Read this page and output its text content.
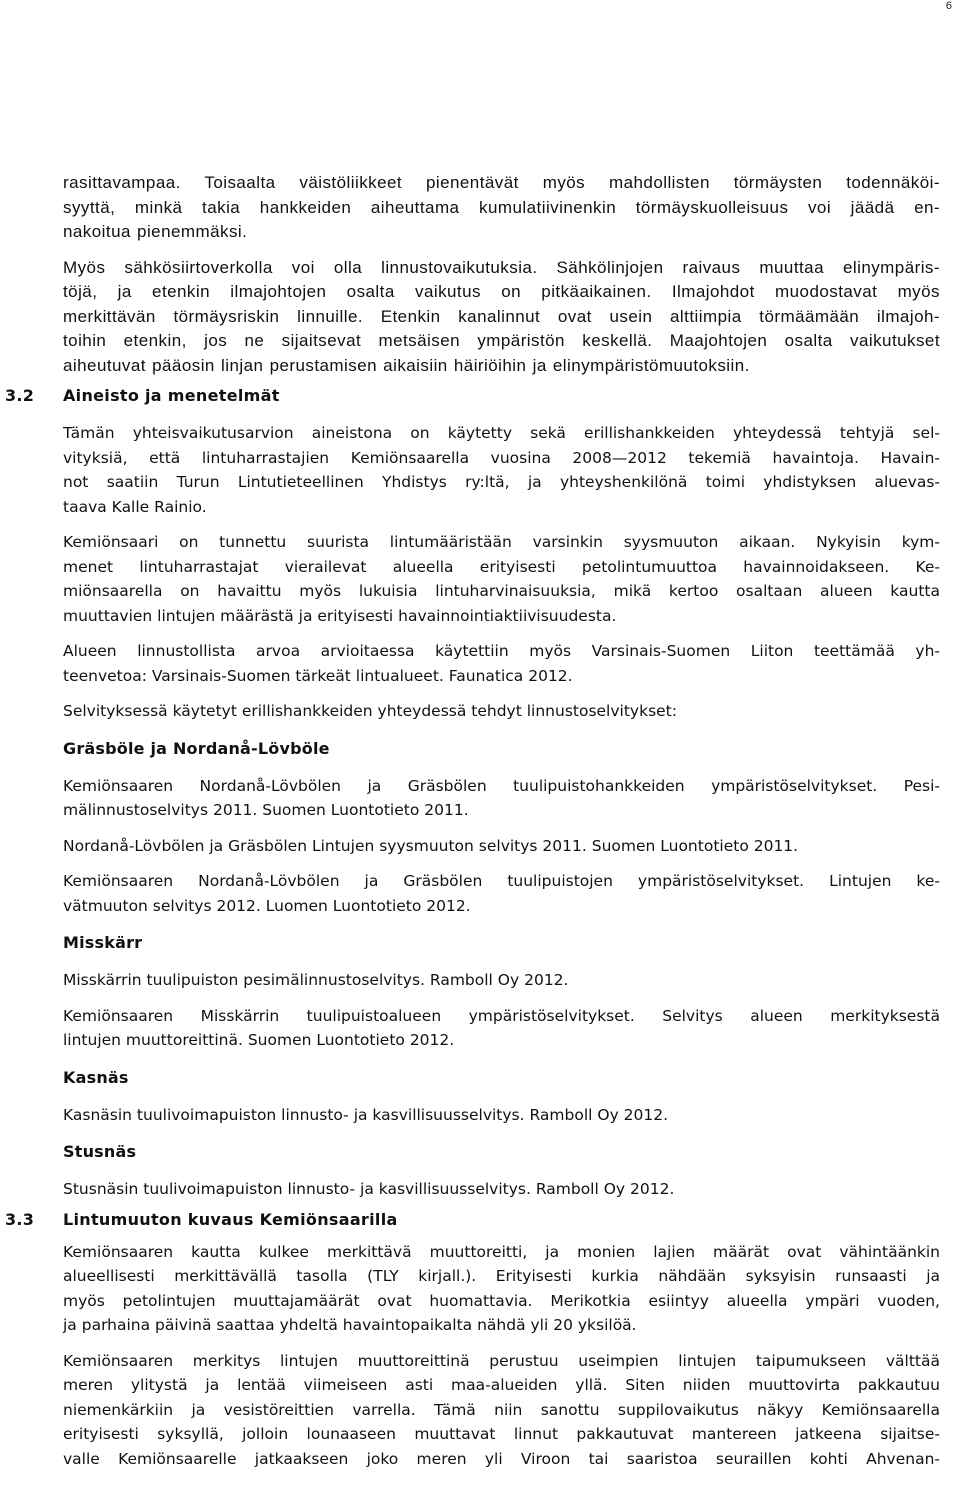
6
rasittavampaa. Toisaalta väistöliikkeet pienentävät myös mahdollisten törmäysten todennäköi-
syyttä, minkä takia hankkeiden aiheuttama kumulatiivinenkin törmäyskuolleisuus voi jäädä en-
nakoitua pienemmäksi.
Myös sähkösiirtoverkolla voi olla linnustovaikutuksia. Sähkölinjojen raivaus muuttaa elinympäris-
töjä, ja etenkin ilmajohtojen osalta vaikutus on pitkäaikainen. Ilmajohdot muodostavat myös
merkittävän törmäysriskin linnuille. Etenkin kanalinnut ovat usein alttiimpia törmäämään ilmajoh-
toihin etenkin, jos ne sijaitsevat metsäisen ympäristön keskellä. Maajohtojen osalta vaikutukset
aiheutuvat pääosin linjan perustamisen aikaisiin häiriöihin ja elinympäristömuutoksiin.
3.2 Aineisto ja menetelmät
Tämän yhteisvaikutusarvion aineistona on käytetty sekä erillishankkeiden yhteydessä tehtyjä sel-
vityksiä, että lintuharrastajien Kemiönsaarella vuosina 2008—2012 tekemiä havaintoja. Havain-
not saatiin Turun Lintutieteellinen Yhdistys ry:ltä, ja yhteyshenkilönä toimi yhdistyksen aluevas-
taava Kalle Rainio.
Kemiönsaari on tunnettu suurista lintumääristään varsinkin syysmuuton aikaan. Nykyisin kym-
menet lintuharrastajat vierailevat alueella erityisesti petolintumuuttoa havainnoidakseen. Ke-
miönsaarella on havaittu myös lukuisia lintuharvinaisuuksia, mikä kertoo osaltaan alueen kautta
muuttavien lintujen määrästä ja erityisesti havainnointiaktiivisuudesta.
Alueen linnustollista arvoa arvioitaessa käytettiin myös Varsinais-Suomen Liiton teettämää yh-
teenvetoa: Varsinais-Suomen tärkeät lintualueet. Faunatica 2012.
Selvityksessä käytetyt erillishankkeiden yhteydessä tehdyt linnustoselvitykset:
Gräsböle ja Nordanå-Lövböle
Kemiönsaaren Nordanå-Lövbölen ja Gräsbölen tuulipuistohankkeiden ympäristöselvitykset. Pesi-
mälinnustoselvitys 2011. Suomen Luontotieto 2011.
Nordanå-Lövbölen ja Gräsbölen Lintujen syysmuuton selvitys 2011. Suomen Luontotieto 2011.
Kemiönsaaren Nordanå-Lövbölen ja Gräsbölen tuulipuistojen ympäristöselvitykset. Lintujen ke-
vätmuuton selvitys 2012. Luomen Luontotieto 2012.
Misskärr
Misskärrin tuulipuiston pesimälinnustoselvitys. Ramboll Oy 2012.
Kemiönsaaren Misskärrin tuulipuistoalueen ympäristöselvitykset. Selvitys alueen merkityksestä
lintujen muuttoreittinä. Suomen Luontotieto 2012.
Kasnäs
Kasnäsin tuulivoimapuiston linnusto- ja kasvillisuusselvitys. Ramboll Oy 2012.
Stusnäs
Stusnäsin tuulivoimapuiston linnusto- ja kasvillisuusselvitys. Ramboll Oy 2012.
3.3 Lintumuuton kuvaus Kemiönsaarilla
Kemiönsaaren kautta kulkee merkittävä muuttoreitti, ja monien lajien määrät ovat vähintäänkin
alueellisesti merkittävällä tasolla (TLY kirjall.). Erityisesti kurkia nähdään syksyisin runsaasti ja
myös petolintujen muuttajamäärät ovat huomattavia. Merikotkia esiintyy alueella ympäri vuoden,
ja parhaina päivinä saattaa yhdeltä havaintopaikalta nähdä yli 20 yksilöä.
Kemiönsaaren merkitys lintujen muuttoreittinä perustuu useimpien lintujen taipumukseen välttää
meren ylitystä ja lentää viimeiseen asti maa-alueiden yllä. Siten niiden muuttovirta pakkautuu
niemenkärkiin ja vesistöreittien varrella. Tämä niin sanottu suppilovaikutus näkyy Kemiönsaarella
erityisesti syksyllä, jolloin lounaaseen muuttavat linnut pakkautuvat mantereen jatkeena sijaitse-
valle Kemiönsaarelle jatkaakseen joko meren yli Viroon tai saaristoa seuraillen kohti Ahvenan-
